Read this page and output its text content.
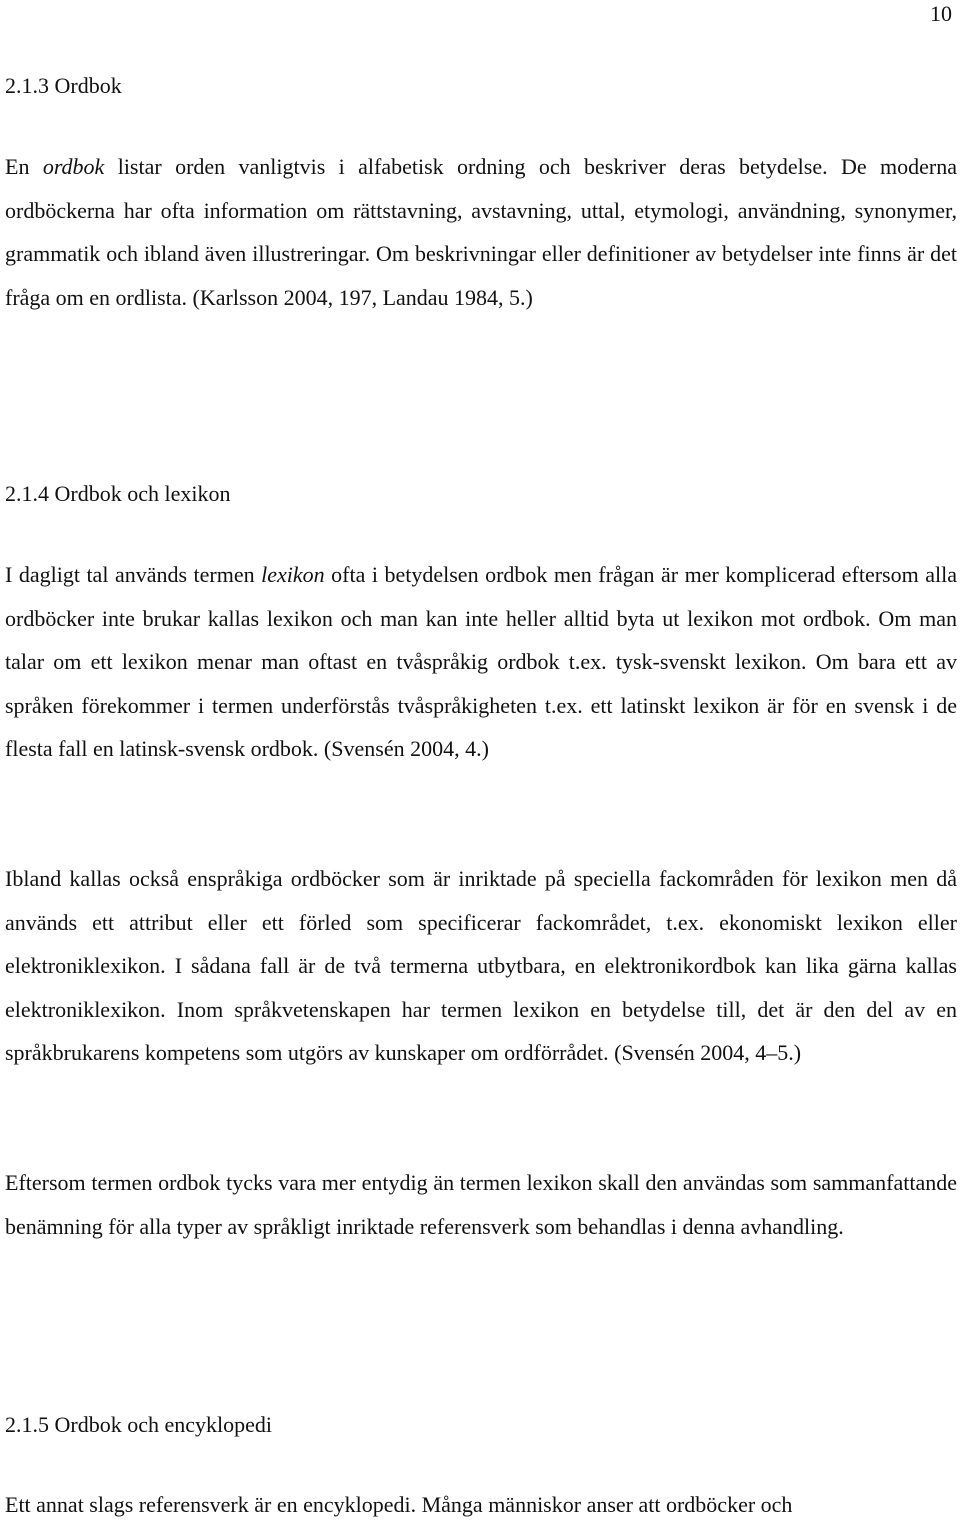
10
2.1.3 Ordbok

En ordbok listar orden vanligtvis i alfabetisk ordning och beskriver deras betydelse. De moderna ordböckerna har ofta information om rättstavning, avstavning, uttal, etymologi, användning, synonymer, grammatik och ibland även illustreringar. Om beskrivningar eller definitioner av betydelser inte finns är det fråga om en ordlista. (Karlsson 2004, 197, Landau 1984, 5.)

2.1.4 Ordbok och lexikon

I dagligt tal används termen lexikon ofta i betydelsen ordbok men frågan är mer komplicerad eftersom alla ordböcker inte brukar kallas lexikon och man kan inte heller alltid byta ut lexikon mot ordbok. Om man talar om ett lexikon menar man oftast en tvåspråkig ordbok t.ex. tysk-svenskt lexikon. Om bara ett av språken förekommer i termen underförstås tvåspråkigheten t.ex. ett latinskt lexikon är för en svensk i de flesta fall en latinsk-svensk ordbok. (Svensén 2004, 4.)

Ibland kallas också enspråkiga ordböcker som är inriktade på speciella fackområden för lexikon men då används ett attribut eller ett förled som specificerar fackområdet, t.ex. ekonomiskt lexikon eller elektroniklexikon. I sådana fall är de två termerna utbytbara, en elektronikordbok kan lika gärna kallas elektroniklexikon. Inom språkvetenskapen har termen lexikon en betydelse till, det är den del av en språkbrukarens kompetens som utgörs av kunskaper om ordförrådet. (Svensén 2004, 4–5.)

Eftersom termen ordbok tycks vara mer entydig än termen lexikon skall den användas som sammanfattande benämning för alla typer av språkligt inriktade referensverk som behandlas i denna avhandling.

2.1.5 Ordbok och encyklopedi

Ett annat slags referensverk är en encyklopedi. Många människor anser att ordböcker och
